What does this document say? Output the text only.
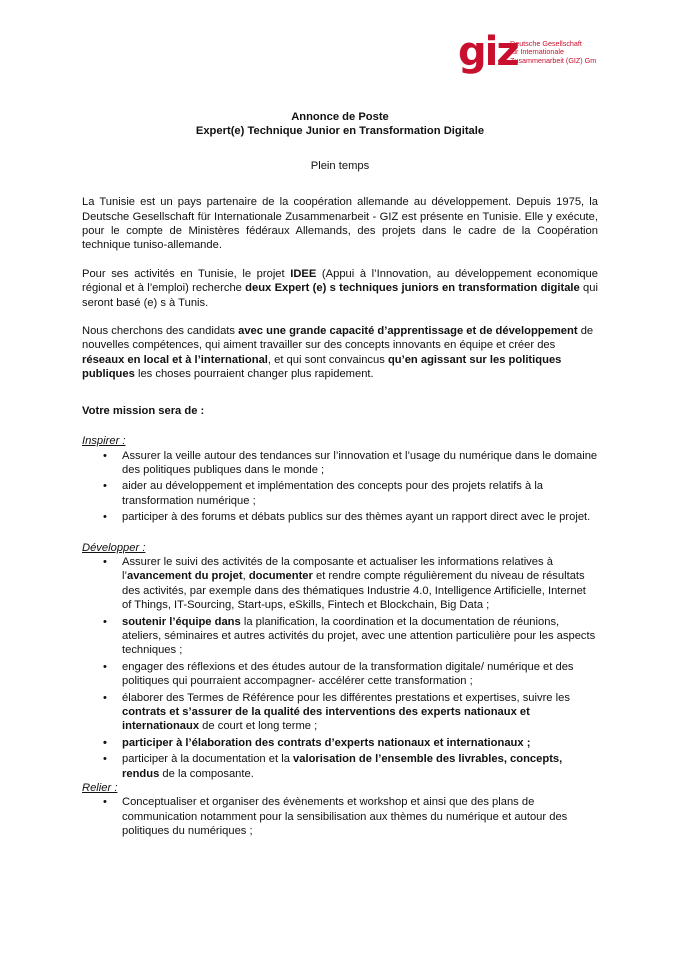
giz
Deutsche Gesellschaft
für Internationale
Zusammenarbeit (GIZ) Gm
Annonce de Poste
Expert(e) Technique Junior en Transformation Digitale
Plein temps

La Tunisie est un pays partenaire de la coopération allemande au développement. Depuis 1975, la Deutsche Gesellschaft für Internationale Zusammenarbeit - GIZ est présente en Tunisie. Elle y exécute, pour le compte de Ministères fédéraux Allemands, des projets dans le cadre de la Coopération technique tuniso-allemande.

Pour ses activités en Tunisie, le projet IDEE (Appui à l’Innovation, au développement economique régional et à l’emploi) recherche deux Expert (e) s techniques juniors en transformation digitale qui seront basé (e) s à Tunis.

Nous cherchons des candidats avec une grande capacité d’apprentissage et de développement de nouvelles compétences, qui aiment travailler sur des concepts innovants en équipe et créer des réseaux en local et à l’international, et qui sont convaincus qu’en agissant sur les politiques publiques les choses pourraient changer plus rapidement.

Votre mission sera de :

Inspirer :
• Assurer la veille autour des tendances sur l’innovation et l’usage du numérique dans le domaine des politiques publiques dans le monde ;
• aider au développement et implémentation des concepts pour des projets relatifs à la transformation numérique ;
• participer à des forums et débats publics sur des thèmes ayant un rapport direct avec le projet.
Développer :
• Assurer le suivi des activités de la composante et actualiser les informations relatives à l’avancement du projet, documenter et rendre compte régulièrement du niveau de résultats des activités, par exemple dans des thématiques Industrie 4.0, Intelligence Artificielle, Internet of Things, IT-Sourcing, Start-ups, eSkills, Fintech et Blockchain, Big Data ;
• soutenir l’équipe dans la planification, la coordination et la documentation de réunions, ateliers, séminaires et autres activités du projet, avec une attention particulière pour les aspects techniques ;
• engager des réflexions et des études autour de la transformation digitale/ numérique et des politiques qui pourraient accompagner- accélérer cette transformation ;
• élaborer des Termes de Référence pour les différentes prestations et expertises, suivre les contrats et s’assurer de la qualité des interventions des experts nationaux et internationaux de court et long terme ;
• participer à l’élaboration des contrats d’experts nationaux et internationaux ;
• participer à la documentation et la valorisation de l’ensemble des livrables, concepts, rendus de la composante.
Relier :
• Conceptualiser et organiser des évènements et workshop et ainsi que des plans de communication notamment pour la sensibilisation aux thèmes du numérique et autour des politiques du numériques ;
